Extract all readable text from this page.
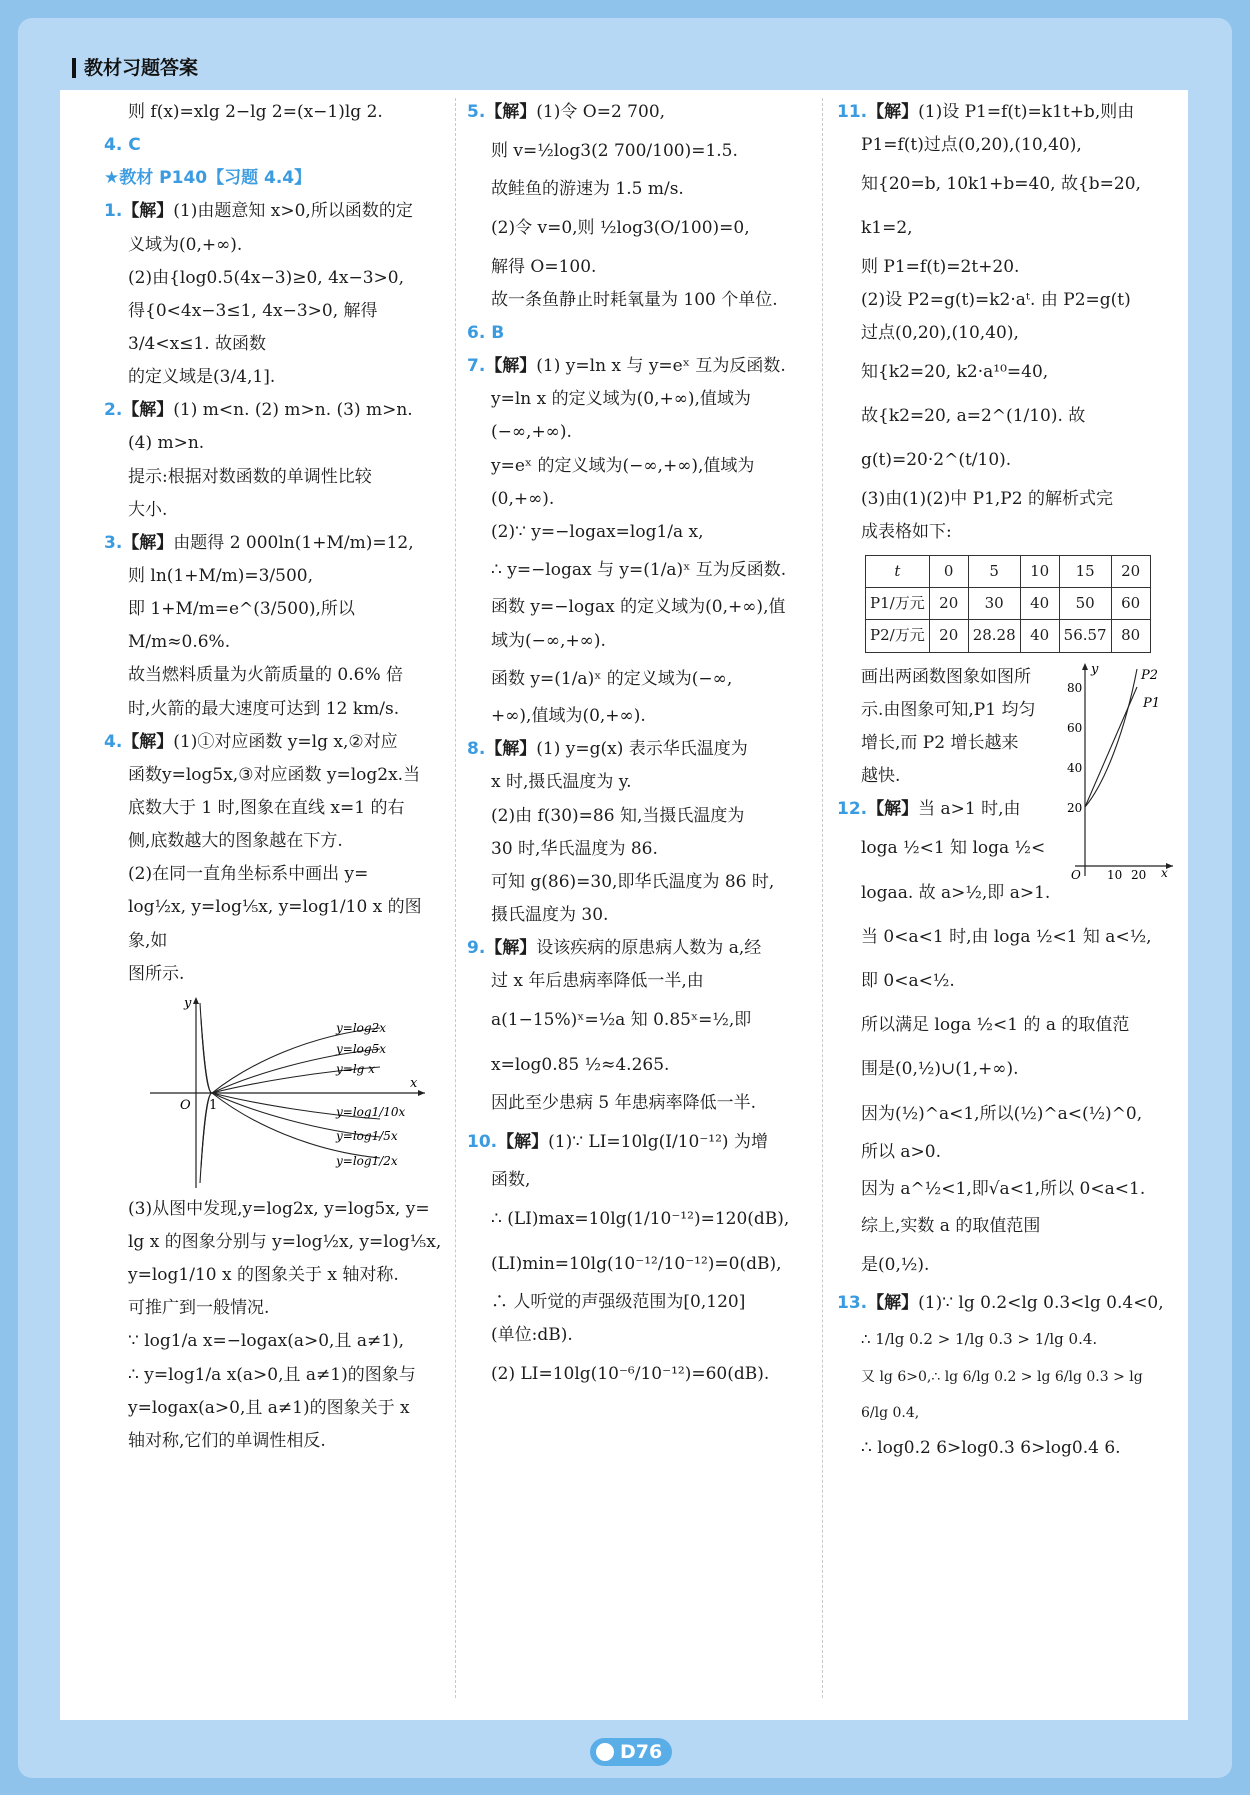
教材习题答案

则 f(x)=xlg 2−lg 2=(x−1)lg 2.

4. C

★教材 P140【习题 4.4】

1.【解】(1)由题意知 x>0,所以函数的定

义域为(0,+∞).

(2)由{log0.5(4x−3)≥0, 4x−3>0,

得{0<4x−3≤1, 4x−3>0, 解得 3/4<x≤1. 故函数

的定义域是(3/4,1].

2.【解】(1) m<n. (2) m>n. (3) m>n.

(4) m>n.

提示:根据对数函数的单调性比较

大小.

3.【解】由题得 2 000ln(1+M/m)=12,

则 ln(1+M/m)=3/500,

即 1+M/m=e^(3/500),所以 M/m≈0.6%.

故当燃料质量为火箭质量的 0.6% 倍

时,火箭的最大速度可达到 12 km/s.

4.【解】(1)①对应函数 y=lg x,②对应

函数y=log5x,③对应函数 y=log2x.当

底数大于 1 时,图象在直线 x=1 的右

侧,底数越大的图象越在下方.

(2)在同一直角坐标系中画出 y=

log½x, y=log⅕x, y=log1/10 x 的图象,如

图所示.

y
O 1
x
y=log2x
y=log5x
y=lg x
y=log1/10x
y=log1/5x
y=log1/2x

(3)从图中发现,y=log2x, y=log5x, y=

lg x 的图象分别与 y=log½x, y=log⅕x,

y=log1/10 x 的图象关于 x 轴对称.

可推广到一般情况.

∵ log1/a x=−logax(a>0,且 a≠1),

∴ y=log1/a x(a>0,且 a≠1)的图象与

y=logax(a>0,且 a≠1)的图象关于 x

轴对称,它们的单调性相反.

5.【解】(1)令 O=2 700,

则 v=½log3(2 700/100)=1.5.

故鲑鱼的游速为 1.5 m/s.

(2)令 v=0,则 ½log3(O/100)=0,

解得 O=100.

故一条鱼静止时耗氧量为 100 个单位.

6. B

7.【解】(1) y=ln x 与 y=eˣ 互为反函数.

y=ln x 的定义域为(0,+∞),值域为

(−∞,+∞).

y=eˣ 的定义域为(−∞,+∞),值域为

(0,+∞).

(2)∵ y=−logax=log1/a x,

∴ y=−logax 与 y=(1/a)ˣ 互为反函数.

函数 y=−logax 的定义域为(0,+∞),值

域为(−∞,+∞).

函数 y=(1/a)ˣ 的定义域为(−∞,

+∞),值域为(0,+∞).

8.【解】(1) y=g(x) 表示华氏温度为

x 时,摄氏温度为 y.

(2)由 f(30)=86 知,当摄氏温度为

30 时,华氏温度为 86.

可知 g(86)=30,即华氏温度为 86 时,

摄氏温度为 30.

9.【解】设该疾病的原患病人数为 a,经

过 x 年后患病率降低一半,由

a(1−15%)ˣ=½a 知 0.85ˣ=½,即

x=log0.85 ½≈4.265.

因此至少患病 5 年患病率降低一半.

10.【解】(1)∵ LI=10lg(I/10⁻¹²) 为增

函数,

∴ (LI)max=10lg(1/10⁻¹²)=120(dB),

(LI)min=10lg(10⁻¹²/10⁻¹²)=0(dB),

∴ 人听觉的声强级范围为[0,120]

(单位:dB).

(2) LI=10lg(10⁻⁶/10⁻¹²)=60(dB).

11.【解】(1)设 P1=f(t)=k1t+b,则由

P1=f(t)过点(0,20),(10,40),

知{20=b, 10k1+b=40, 故{b=20, k1=2,

则 P1=f(t)=2t+20.

(2)设 P2=g(t)=k2·aᵗ. 由 P2=g(t)

过点(0,20),(10,40),

知{k2=20, k2·a¹⁰=40,

故{k2=20, a=2^(1/10). 故 g(t)=20·2^(t/10).

(3)由(1)(2)中 P1,P2 的解析式完

成表格如下:

t	0	5	10	15	20
P1/万元	20	30	40	50	60
P2/万元	20	28.28	40	56.57	80
y
80
60
40
20
O 10 20 x
P2
P1

画出两函数图象如图所

示.由图象可知,P1 均匀

增长,而 P2 增长越来

越快.

12.【解】当 a>1 时,由

loga ½<1 知 loga ½<

logaa. 故 a>½,即 a>1.

当 0<a<1 时,由 loga ½<1 知 a<½,

即 0<a<½.

所以满足 loga ½<1 的 a 的取值范

围是(0,½)∪(1,+∞).

因为(½)^a<1,所以(½)^a<(½)^0,

所以 a>0.

因为 a^½<1,即√a<1,所以 0<a<1.

综上,实数 a 的取值范围

是(0,½).

13.【解】(1)∵ lg 0.2<lg 0.3<lg 0.4<0,

∴ 1/lg 0.2 > 1/lg 0.3 > 1/lg 0.4.

又 lg 6>0,∴ lg 6/lg 0.2 > lg 6/lg 0.3 > lg 6/lg 0.4,

∴ log0.2 6>log0.3 6>log0.4 6.

D76
